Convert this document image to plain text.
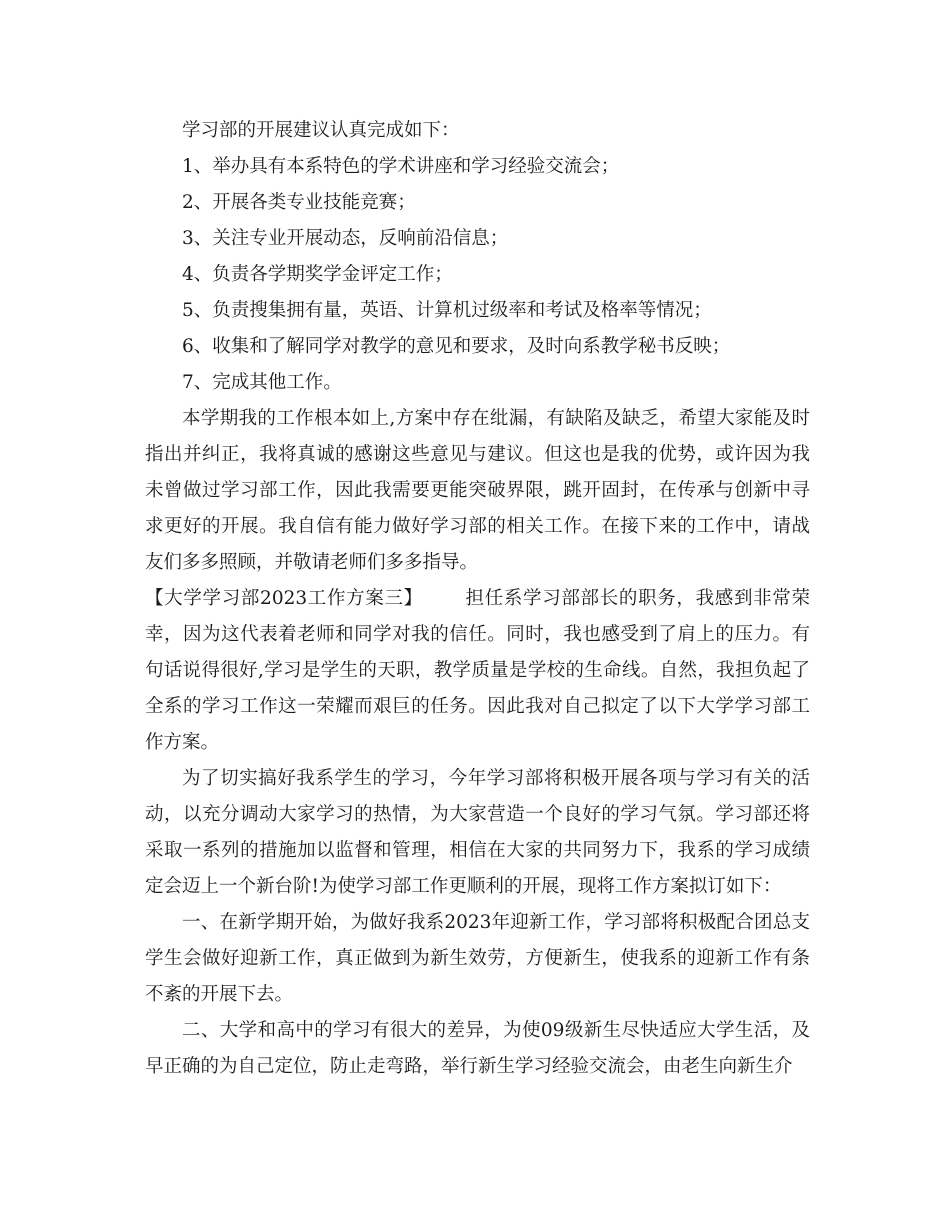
学习部的开展建议认真完成如下：

1、举办具有本系特色的学术讲座和学习经验交流会；

2、开展各类专业技能竞赛；

3、关注专业开展动态，反响前沿信息；

4、负责各学期奖学金评定工作；

5、负责搜集拥有量，英语、计算机过级率和考试及格率等情况；

6、收集和了解同学对教学的意见和要求，及时向系教学秘书反映；

7、完成其他工作。

本学期我的工作根本如上,方案中存在纰漏，有缺陷及缺乏，希望大家能及时指出并纠正，我将真诚的感谢这些意见与建议。但这也是我的优势，或许因为我未曾做过学习部工作，因此我需要更能突破界限，跳开固封，在传承与创新中寻求更好的开展。我自信有能力做好学习部的相关工作。在接下来的工作中，请战友们多多照顾，并敬请老师们多多指导。

【大学学习部2023工作方案三】 担任系学习部部长的职务，我感到非常荣幸，因为这代表着老师和同学对我的信任。同时，我也感受到了肩上的压力。有句话说得很好,学习是学生的天职，教学质量是学校的生命线。自然，我担负起了全系的学习工作这一荣耀而艰巨的任务。因此我对自己拟定了以下大学学习部工作方案。

为了切实搞好我系学生的学习，今年学习部将积极开展各项与学习有关的活动，以充分调动大家学习的热情，为大家营造一个良好的学习气氛。学习部还将采取一系列的措施加以监督和管理，相信在大家的共同努力下，我系的学习成绩定会迈上一个新台阶!为使学习部工作更顺利的开展，现将工作方案拟订如下：

一、在新学期开始，为做好我系2023年迎新工作，学习部将积极配合团总支学生会做好迎新工作，真正做到为新生效劳，方便新生，使我系的迎新工作有条不紊的开展下去。

二、大学和高中的学习有很大的差异，为使09级新生尽快适应大学生活，及早正确的为自己定位，防止走弯路，举行新生学习经验交流会，由老生向新生介
